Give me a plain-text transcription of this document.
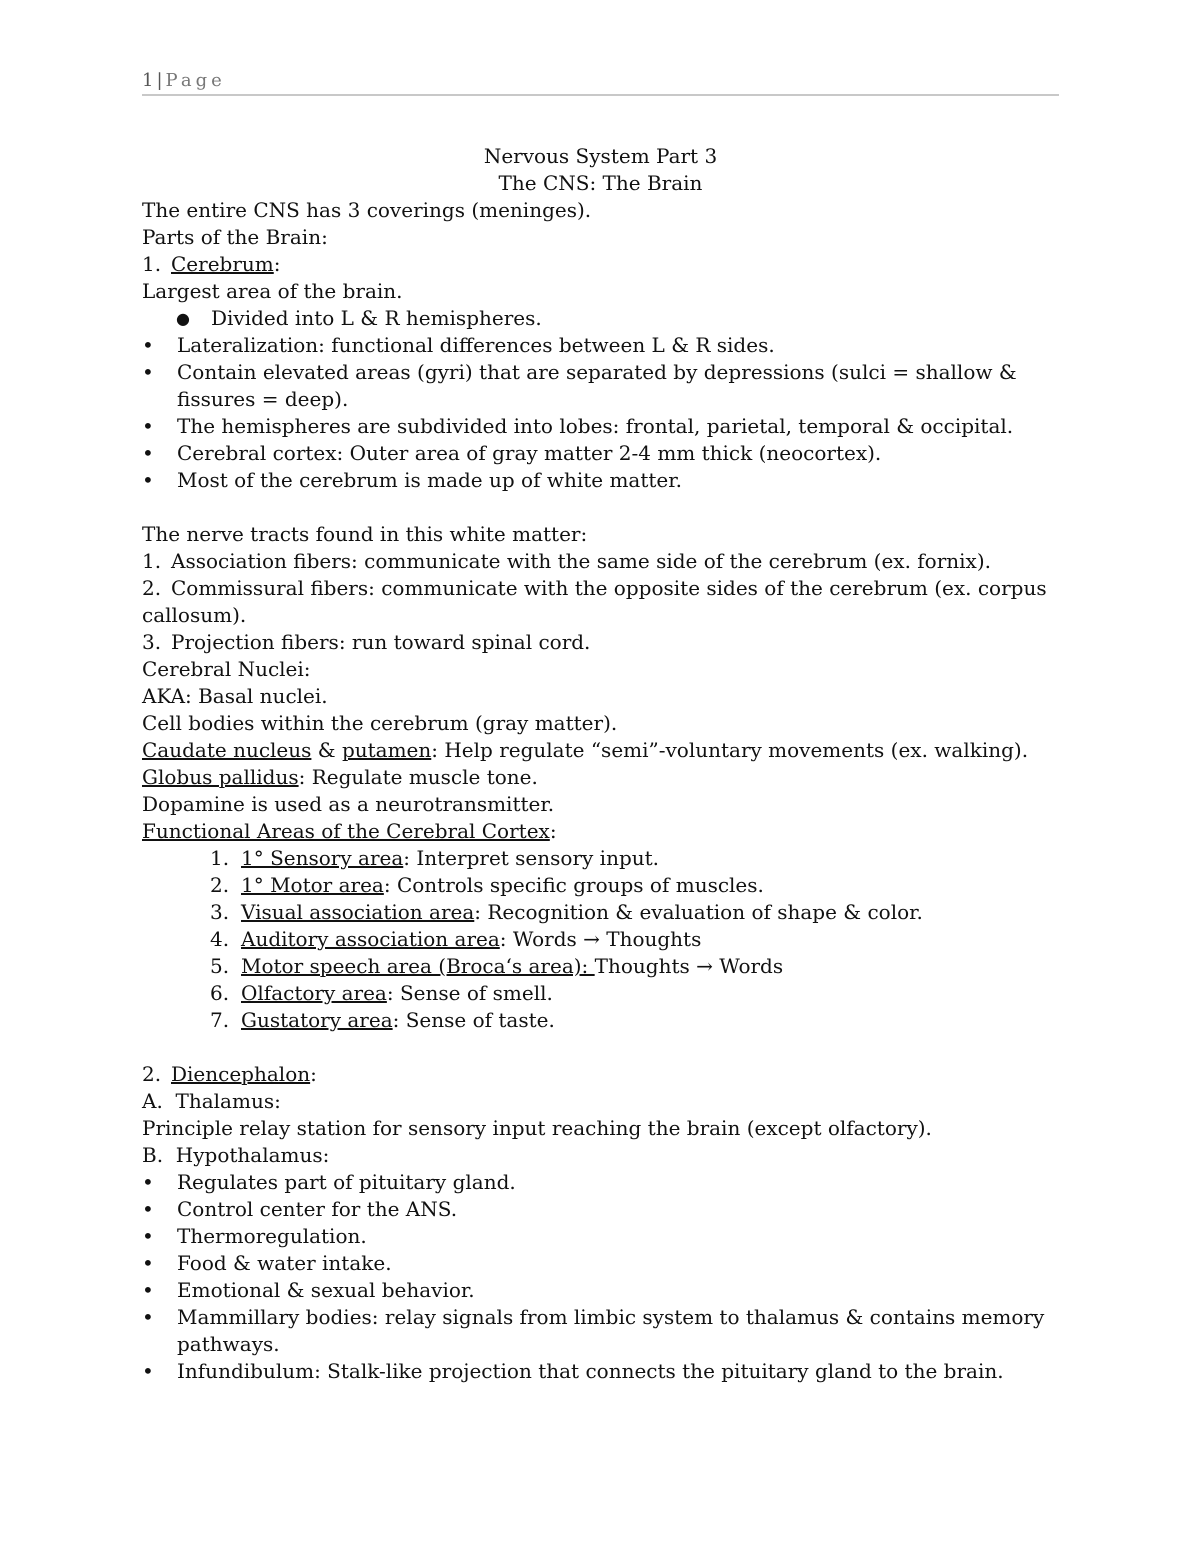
1 | Page
Nervous System Part 3
The CNS: The Brain
The entire CNS has 3 coverings (meninges).
Parts of the Brain:
1. Cerebrum:
Largest area of the brain.
●	Divided into L & R hemispheres.
•	Lateralization: functional differences between L & R sides.
•	Contain elevated areas (gyri) that are separated by depressions (sulci = shallow & fissures = deep).
•	The hemispheres are subdivided into lobes: frontal, parietal, temporal & occipital.
•	Cerebral cortex: Outer area of gray matter 2-4 mm thick (neocortex).
•	Most of the cerebrum is made up of white matter.
The nerve tracts found in this white matter:
1. Association fibers: communicate with the same side of the cerebrum (ex. fornix).
2. Commissural fibers: communicate with the opposite sides of the cerebrum (ex. corpus
callosum).
3. Projection fibers: run toward spinal cord.
Cerebral Nuclei:
AKA: Basal nuclei.
Cell bodies within the cerebrum (gray matter).
Caudate nucleus & putamen: Help regulate “semi”-voluntary movements (ex. walking).
Globus pallidus: Regulate muscle tone.
Dopamine is used as a neurotransmitter.
Functional Areas of the Cerebral Cortex:
1. 1° Sensory area: Interpret sensory input.
2. 1° Motor area: Controls specific groups of muscles.
3. Visual association area: Recognition & evaluation of shape & color.
4. Auditory association area: Words → Thoughts
5. Motor speech area (Broca‘s area): Thoughts → Words
6. Olfactory area: Sense of smell.
7. Gustatory area: Sense of taste.
2. Diencephalon:
A.  Thalamus:
Principle relay station for sensory input reaching the brain (except olfactory).
B.  Hypothalamus:
•	Regulates part of pituitary gland.
•	Control center for the ANS.
•	Thermoregulation.
•	Food & water intake.
•	Emotional & sexual behavior.
•	Mammillary bodies: relay signals from limbic system to thalamus & contains memory pathways.
•	Infundibulum: Stalk-like projection that connects the pituitary gland to the brain.
